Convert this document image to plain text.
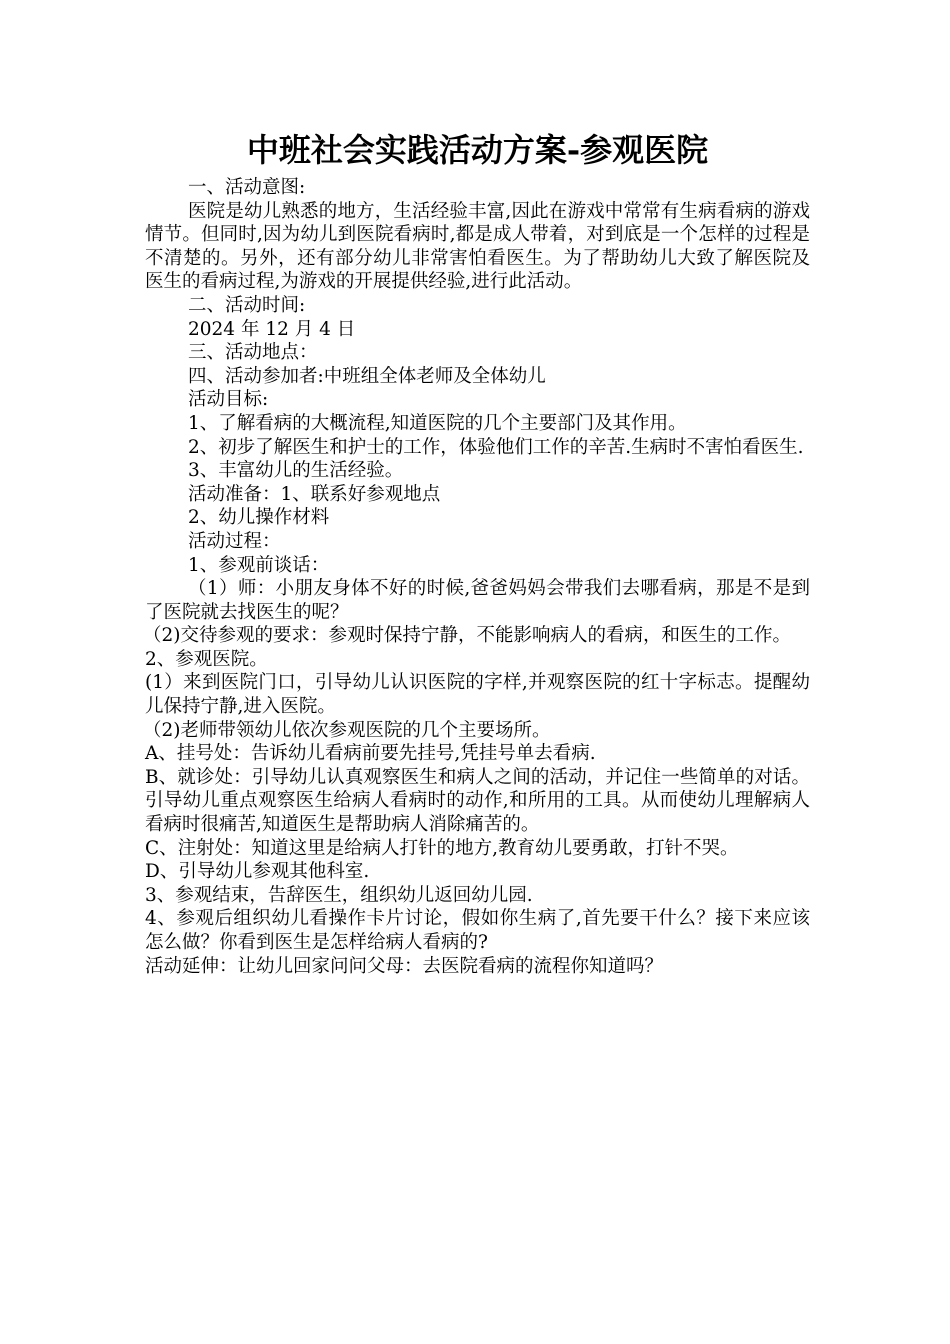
中班社会实践活动方案-参观医院

一、活动意图:

医院是幼儿熟悉的地方，生活经验丰富,因此在游戏中常常有生病看病的游戏情节。但同时,因为幼儿到医院看病时,都是成人带着，对到底是一个怎样的过程是不清楚的。另外，还有部分幼儿非常害怕看医生。为了帮助幼儿大致了解医院及医生的看病过程,为游戏的开展提供经验,进行此活动。

二、活动时间:

2024 年 12 月 4 日

三、活动地点：

四、活动参加者:中班组全体老师及全体幼儿

活动目标:

1、了解看病的大概流程,知道医院的几个主要部门及其作用。

2、初步了解医生和护士的工作，体验他们工作的辛苦.生病时不害怕看医生.

3、丰富幼儿的生活经验。

活动准备：1、联系好参观地点

2、幼儿操作材料

活动过程：

1、参观前谈话：

（1）师：小朋友身体不好的时候,爸爸妈妈会带我们去哪看病，那是不是到了医院就去找医生的呢？

（2)交待参观的要求：参观时保持宁静，不能影响病人的看病，和医生的工作。

2、参观医院。

(1）来到医院门口，引导幼儿认识医院的字样,并观察医院的红十字标志。提醒幼儿保持宁静,进入医院。

（2)老师带领幼儿依次参观医院的几个主要场所。

A、挂号处：告诉幼儿看病前要先挂号,凭挂号单去看病.

B、就诊处：引导幼儿认真观察医生和病人之间的活动，并记住一些简单的对话。引导幼儿重点观察医生给病人看病时的动作,和所用的工具。从而使幼儿理解病人看病时很痛苦,知道医生是帮助病人消除痛苦的。

C、注射处：知道这里是给病人打针的地方,教育幼儿要勇敢，打针不哭。

D、引导幼儿参观其他科室.

3、参观结束，告辞医生，组织幼儿返回幼儿园.

4、参观后组织幼儿看操作卡片讨论，假如你生病了,首先要干什么？接下来应该怎么做？你看到医生是怎样给病人看病的?

活动延伸：让幼儿回家问问父母：去医院看病的流程你知道吗？
